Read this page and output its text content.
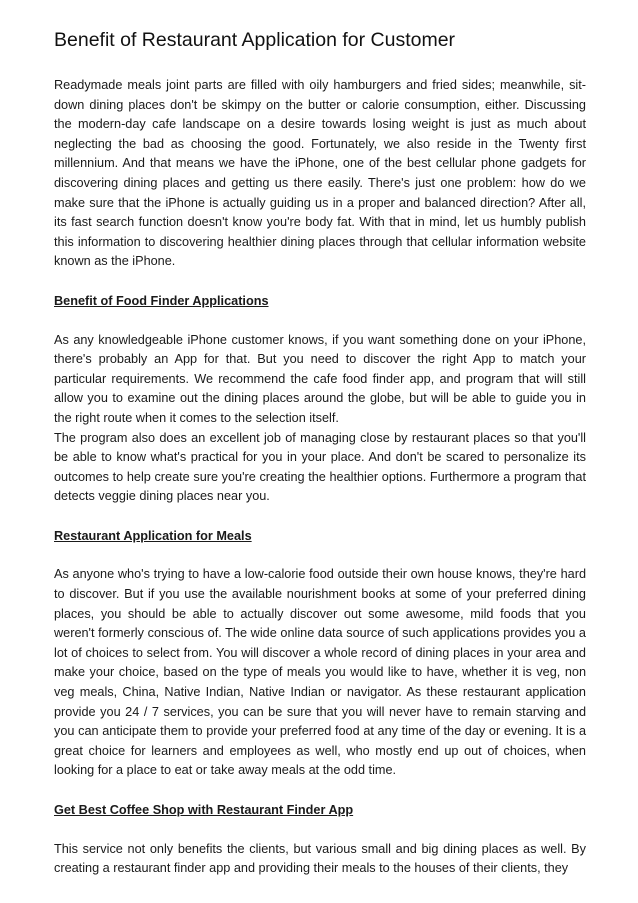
Benefit of Restaurant Application for Customer

Readymade meals joint parts are filled with oily hamburgers and fried sides; meanwhile, sit-down dining places don't be skimpy on the butter or calorie consumption, either. Discussing the modern-day cafe landscape on a desire towards losing weight is just as much about neglecting the bad as choosing the good. Fortunately, we also reside in the Twenty first millennium. And that means we have the iPhone, one of the best cellular phone gadgets for discovering dining places and getting us there easily. There's just one problem: how do we make sure that the iPhone is actually guiding us in a proper and balanced direction? After all, its fast search function doesn't know you're body fat. With that in mind, let us humbly publish this information to discovering healthier dining places through that cellular information website known as the iPhone.

Benefit of Food Finder Applications

As any knowledgeable iPhone customer knows, if you want something done on your iPhone, there's probably an App for that. But you need to discover the right App to match your particular requirements. We recommend the cafe food finder app, and program that will still allow you to examine out the dining places around the globe, but will be able to guide you in the right route when it comes to the selection itself.
The program also does an excellent job of managing close by restaurant places so that you'll be able to know what's practical for you in your place. And don't be scared to personalize its outcomes to help create sure you're creating the healthier options. Furthermore a program that detects veggie dining places near you.

Restaurant Application for Meals

As anyone who's trying to have a low-calorie food outside their own house knows, they're hard to discover. But if you use the available nourishment books at some of your preferred dining places, you should be able to actually discover out some awesome, mild foods that you weren't formerly conscious of. The wide online data source of such applications provides you a lot of choices to select from. You will discover a whole record of dining places in your area and make your choice, based on the type of meals you would like to have, whether it is veg, non veg meals, China, Native Indian, Native Indian or navigator. As these restaurant application provide you 24 / 7 services, you can be sure that you will never have to remain starving and you can anticipate them to provide your preferred food at any time of the day or evening. It is a great choice for learners and employees as well, who mostly end up out of choices, when looking for a place to eat or take away meals at the odd time.

Get Best Coffee Shop with Restaurant Finder App

This service not only benefits the clients, but various small and big dining places as well. By creating a restaurant finder app and providing their meals to the houses of their clients, they
